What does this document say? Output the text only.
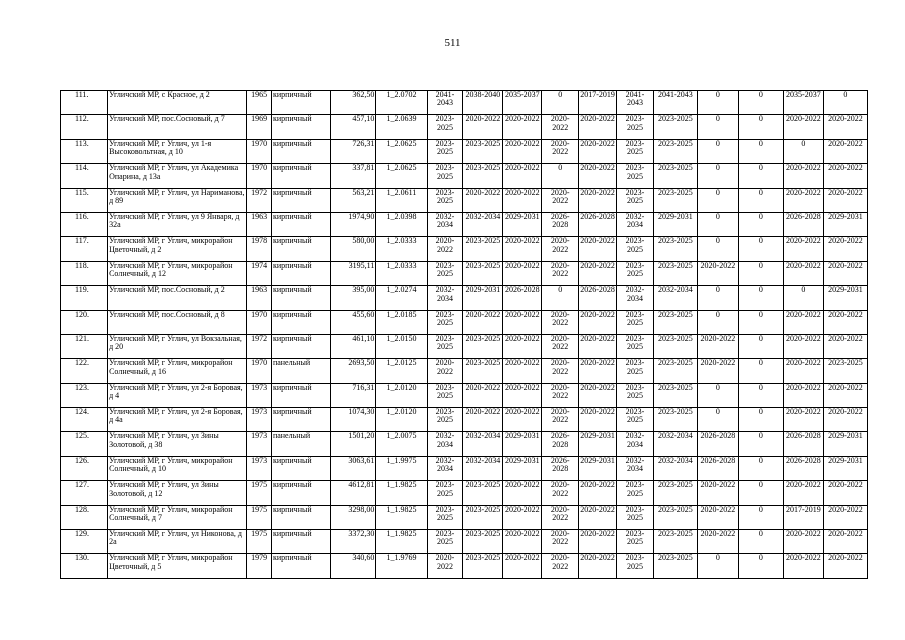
511
111.	Угличский МР, с Красное, д 2	1965	кирпичный	362,50	1_2.0702	2041-2043	2038-2040	2035-2037	0	2017-2019	2041-2043	2041-2043	0	0	2035-2037	0
112.	Угличский МР, пос.Сосновый, д 7	1969	кирпичный	457,10	1_2.0639	2023-2025	2020-2022	2020-2022	2020-2022	2020-2022	2023-2025	2023-2025	0	0	2020-2022	2020-2022
113.	Угличский МР, г Углич, ул 1-я Высоковольтная, д 10	1970	кирпичный	726,31	1_2.0625	2023-2025	2023-2025	2020-2022	2020-2022	2020-2022	2023-2025	2023-2025	0	0	0	2020-2022
114.	Угличский МР, г Углич, ул Академика Опарина, д 13а	1970	кирпичный	337,81	1_2.0625	2023-2025	2023-2025	2020-2022	0	2020-2022	2023-2025	2023-2025	0	0	2020-2022	2020-2022
115.	Угличский МР, г Углич, ул Нариманова, д 89	1972	кирпичный	563,21	1_2.0611	2023-2025	2020-2022	2020-2022	2020-2022	2020-2022	2023-2025	2023-2025	0	0	2020-2022	2020-2022
116.	Угличский МР, г Углич, ул 9 Января, д 32а	1963	кирпичный	1974,90	1_2.0398	2032-2034	2032-2034	2029-2031	2026-2028	2026-2028	2032-2034	2029-2031	0	0	2026-2028	2029-2031
117.	Угличский МР, г Углич, микрорайон Цветочный, д 2	1978	кирпичный	580,00	1_2.0333	2020-2022	2023-2025	2020-2022	2020-2022	2020-2022	2023-2025	2023-2025	0	0	2020-2022	2020-2022
118.	Угличский МР, г Углич, микрорайон Солнечный, д 12	1974	кирпичный	3195,11	1_2.0333	2023-2025	2023-2025	2020-2022	2020-2022	2020-2022	2023-2025	2023-2025	2020-2022	0	2020-2022	2020-2022
119.	Угличский МР, пос.Сосновый, д 2	1963	кирпичный	395,00	1_2.0274	2032-2034	2029-2031	2026-2028	0	2026-2028	2032-2034	2032-2034	0	0	0	2029-2031
120.	Угличский МР, пос.Сосновый, д 8	1970	кирпичный	455,60	1_2.0185	2023-2025	2020-2022	2020-2022	2020-2022	2020-2022	2023-2025	2023-2025	0	0	2020-2022	2020-2022
121.	Угличский МР, г Углич, ул Вокзальная, д 20	1972	кирпичный	461,10	1_2.0150	2023-2025	2023-2025	2020-2022	2020-2022	2020-2022	2023-2025	2023-2025	2020-2022	0	2020-2022	2020-2022
122.	Угличский МР, г Углич, микрорайон Солнечный, д 16	1970	панельный	2693,50	1_2.0125	2020-2022	2023-2025	2020-2022	2020-2022	2020-2022	2023-2025	2023-2025	2020-2022	0	2020-2022	2023-2025
123.	Угличский МР, г Углич, ул 2-я Боровая, д 4	1973	кирпичный	716,31	1_2.0120	2023-2025	2020-2022	2020-2022	2020-2022	2020-2022	2023-2025	2023-2025	0	0	2020-2022	2020-2022
124.	Угличский МР, г Углич, ул 2-я Боровая, д 4а	1973	кирпичный	1074,30	1_2.0120	2023-2025	2020-2022	2020-2022	2020-2022	2020-2022	2023-2025	2023-2025	0	0	2020-2022	2020-2022
125.	Угличский МР, г Углич, ул Зины Золотовой, д 38	1973	панельный	1501,20	1_2.0075	2032-2034	2032-2034	2029-2031	2026-2028	2029-2031	2032-2034	2032-2034	2026-2028	0	2026-2028	2029-2031
126.	Угличский МР, г Углич, микрорайон Солнечный, д 10	1973	кирпичный	3063,61	1_1.9975	2032-2034	2032-2034	2029-2031	2026-2028	2029-2031	2032-2034	2032-2034	2026-2028	0	2026-2028	2029-2031
127.	Угличский МР, г Углич, ул Зины Золотовой, д 12	1975	кирпичный	4612,81	1_1.9825	2023-2025	2023-2025	2020-2022	2020-2022	2020-2022	2023-2025	2023-2025	2020-2022	0	2020-2022	2020-2022
128.	Угличский МР, г Углич, микрорайон Солнечный, д 7	1975	кирпичный	3298,00	1_1.9825	2023-2025	2023-2025	2020-2022	2020-2022	2020-2022	2023-2025	2023-2025	2020-2022	0	2017-2019	2020-2022
129.	Угличский МР, г Углич, ул Никонова, д 2а	1975	кирпичный	3372,30	1_1.9825	2023-2025	2023-2025	2020-2022	2020-2022	2020-2022	2023-2025	2023-2025	2020-2022	0	2020-2022	2020-2022
130.	Угличский МР, г Углич, микрорайон Цветочный, д 5	1979	кирпичный	340,60	1_1.9769	2020-2022	2023-2025	2020-2022	2020-2022	2020-2022	2023-2025	2023-2025	0	0	2020-2022	2020-2022
